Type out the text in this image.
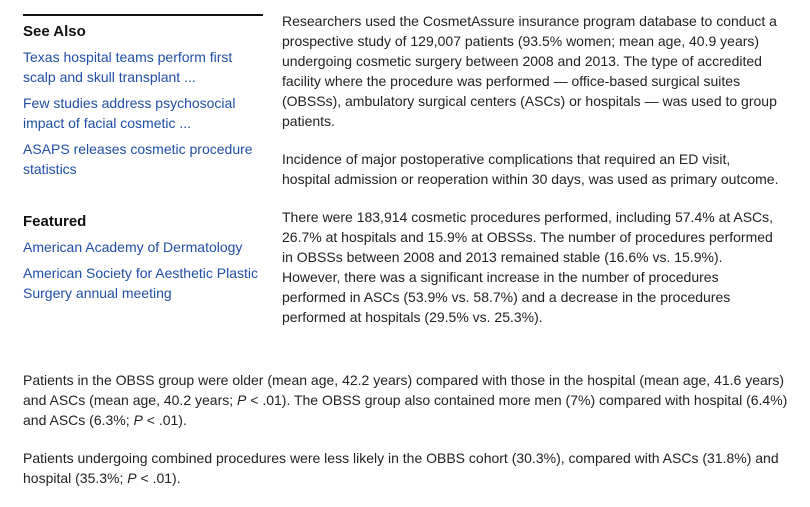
See Also
Texas hospital teams perform first scalp and skull transplant ...
Few studies address psychosocial impact of facial cosmetic ...
ASAPS releases cosmetic procedure statistics
Featured
American Academy of Dermatology
American Society for Aesthetic Plastic Surgery annual meeting

Researchers used the CosmetAssure insurance program database to conduct a prospective study of 129,007 patients (93.5% women; mean age, 40.9 years) undergoing cosmetic surgery between 2008 and 2013. The type of accredited facility where the procedure was performed — office-based surgical suites (OBSSs), ambulatory surgical centers (ASCs) or hospitals — was used to group patients.

Incidence of major postoperative complications that required an ED visit, hospital admission or reoperation within 30 days, was used as primary outcome.

There were 183,914 cosmetic procedures performed, including 57.4% at ASCs, 26.7% at hospitals and 15.9% at OBSSs. The number of procedures performed in OBSSs between 2008 and 2013 remained stable (16.6% vs. 15.9%). However, there was a significant increase in the number of procedures performed in ASCs (53.9% vs. 58.7%) and a decrease in the procedures performed at hospitals (29.5% vs. 25.3%).

Patients in the OBSS group were older (mean age, 42.2 years) compared with those in the hospital (mean age, 41.6 years) and ASCs (mean age, 40.2 years; P < .01). The OBSS group also contained more men (7%) compared with hospital (6.4%) and ASCs (6.3%; P < .01).

Patients undergoing combined procedures were less likely in the OBBS cohort (30.3%), compared with ASCs (31.8%) and hospital (35.3%; P < .01).
